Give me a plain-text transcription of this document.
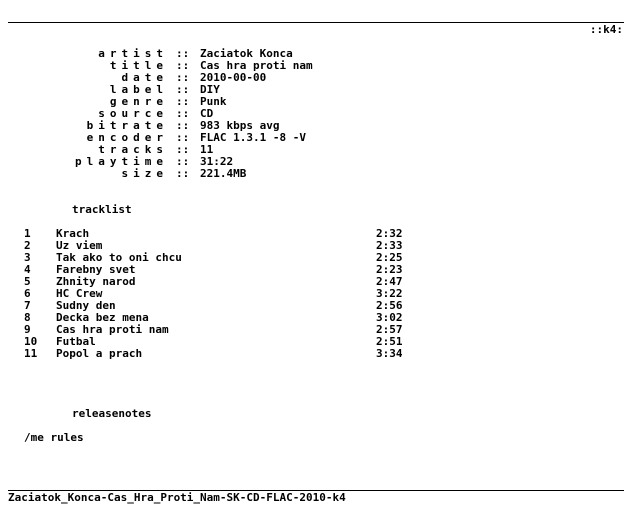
::k4:
artist :: Zaciatok Konca
title :: Cas hra proti nam
date :: 2010-00-00
label :: DIY
genre :: Punk
source :: CD
bitrate :: 983 kbps avg
encoder :: FLAC 1.3.1 -8 -V
tracks :: 11
playtime :: 31:22
size :: 221.4MB
tracklist
1 Krach	2:32
2 Uz viem	2:33
3 Tak ako to oni chcu	2:25
4 Farebny svet	2:23
5 Zhnity narod	2:47
6 HC Crew	3:22
7 Sudny den	2:56
8 Decka bez mena	3:02
9 Cas hra proti nam	2:57
10 Futbal	2:51
11 Popol a prach	3:34
releasenotes
/me rules
Zaciatok_Konca-Cas_Hra_Proti_Nam-SK-CD-FLAC-2010-k4
